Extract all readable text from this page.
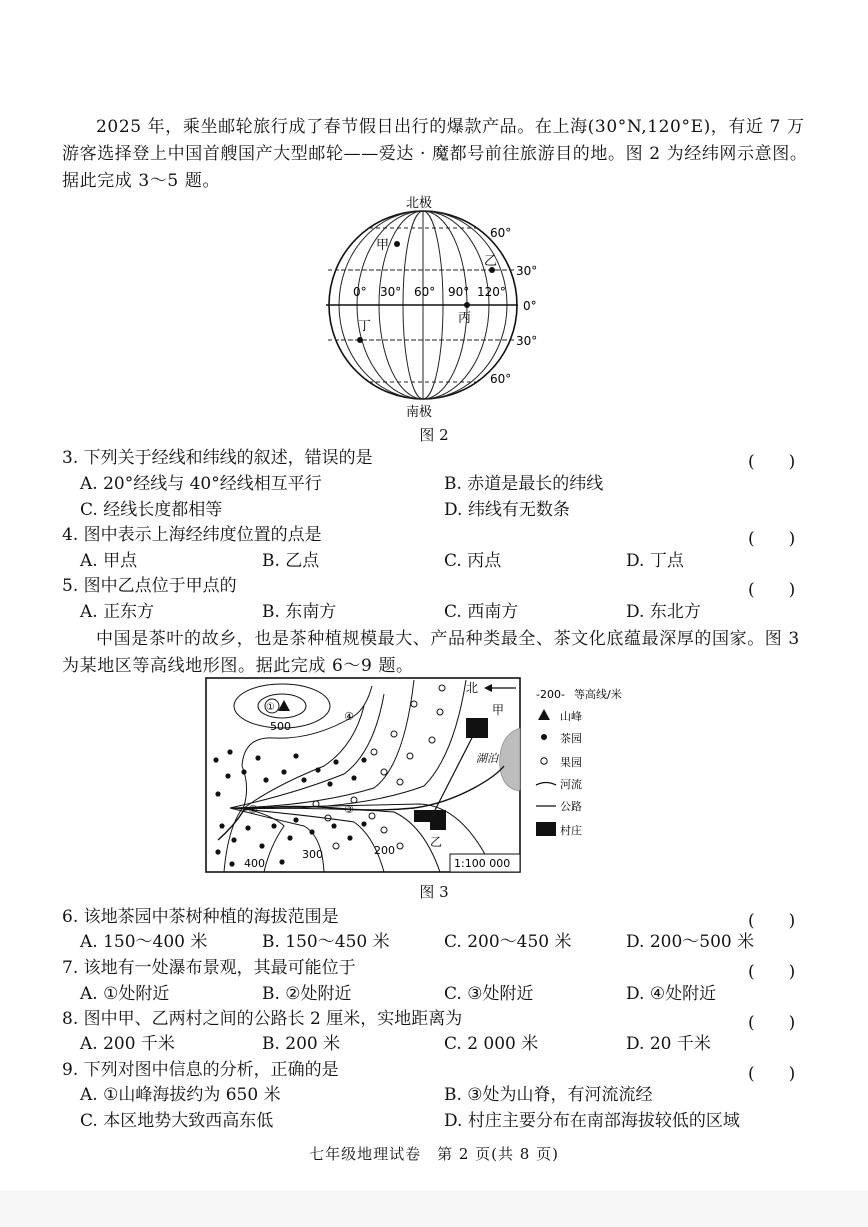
2025 年，乘坐邮轮旅行成了春节假日出行的爆款产品。在上海(30°N,120°E)，有近 7 万游客选择登上中国首艘国产大型邮轮——爱达 · 魔都号前往旅游目的地。图 2 为经纬网示意图。据此完成 3～5 题。

北极
南极
60°
30°
0°
30°
60°
0° 30° 60° 90° 120°
甲
乙
丙
丁
图 2
3. 下列关于经线和纬线的叙述，错误的是	(　　)
A. 20°经线与 40°经线相互平行	B. 赤道是最长的纬线
C. 经线长度都相等	D. 纬线有无数条
4. 图中表示上海经纬度位置的点是	(　　)
A. 甲点	B. 乙点	C. 丙点	D. 丁点
5. 图中乙点位于甲点的	(　　)
A. 正东方	B. 东南方	C. 西南方	D. 东北方

中国是茶叶的故乡，也是茶种植规模最大、产品种类最全、茶文化底蕴最深厚的国家。图 3 为某地区等高线地形图。据此完成 6～9 题。

湖泊
1:100 000
500
400
300	200
①
②	③
④	甲
乙
北	-200- 等高线/米
山峰
茶园
果园
河流
公路
村庄
图 3
6. 该地茶园中茶树种植的海拔范围是	(　　)
A. 150～400 米	B. 150～450 米	C. 200～450 米	D. 200～500 米
7. 该地有一处瀑布景观，其最可能位于	(　　)
A. ①处附近	B. ②处附近	C. ③处附近	D. ④处附近
8. 图中甲、乙两村之间的公路长 2 厘米，实地距离为	(　　)
A. 200 千米	B. 200 米	C. 2 000 米	D. 20 千米
9. 下列对图中信息的分析，正确的是	(　　)
A. ①山峰海拔约为 650 米	B. ③处为山脊，有河流流经
C. 本区地势大致西高东低	D. 村庄主要分布在南部海拔较低的区域
七年级地理试卷　第 2 页(共 8 页)
